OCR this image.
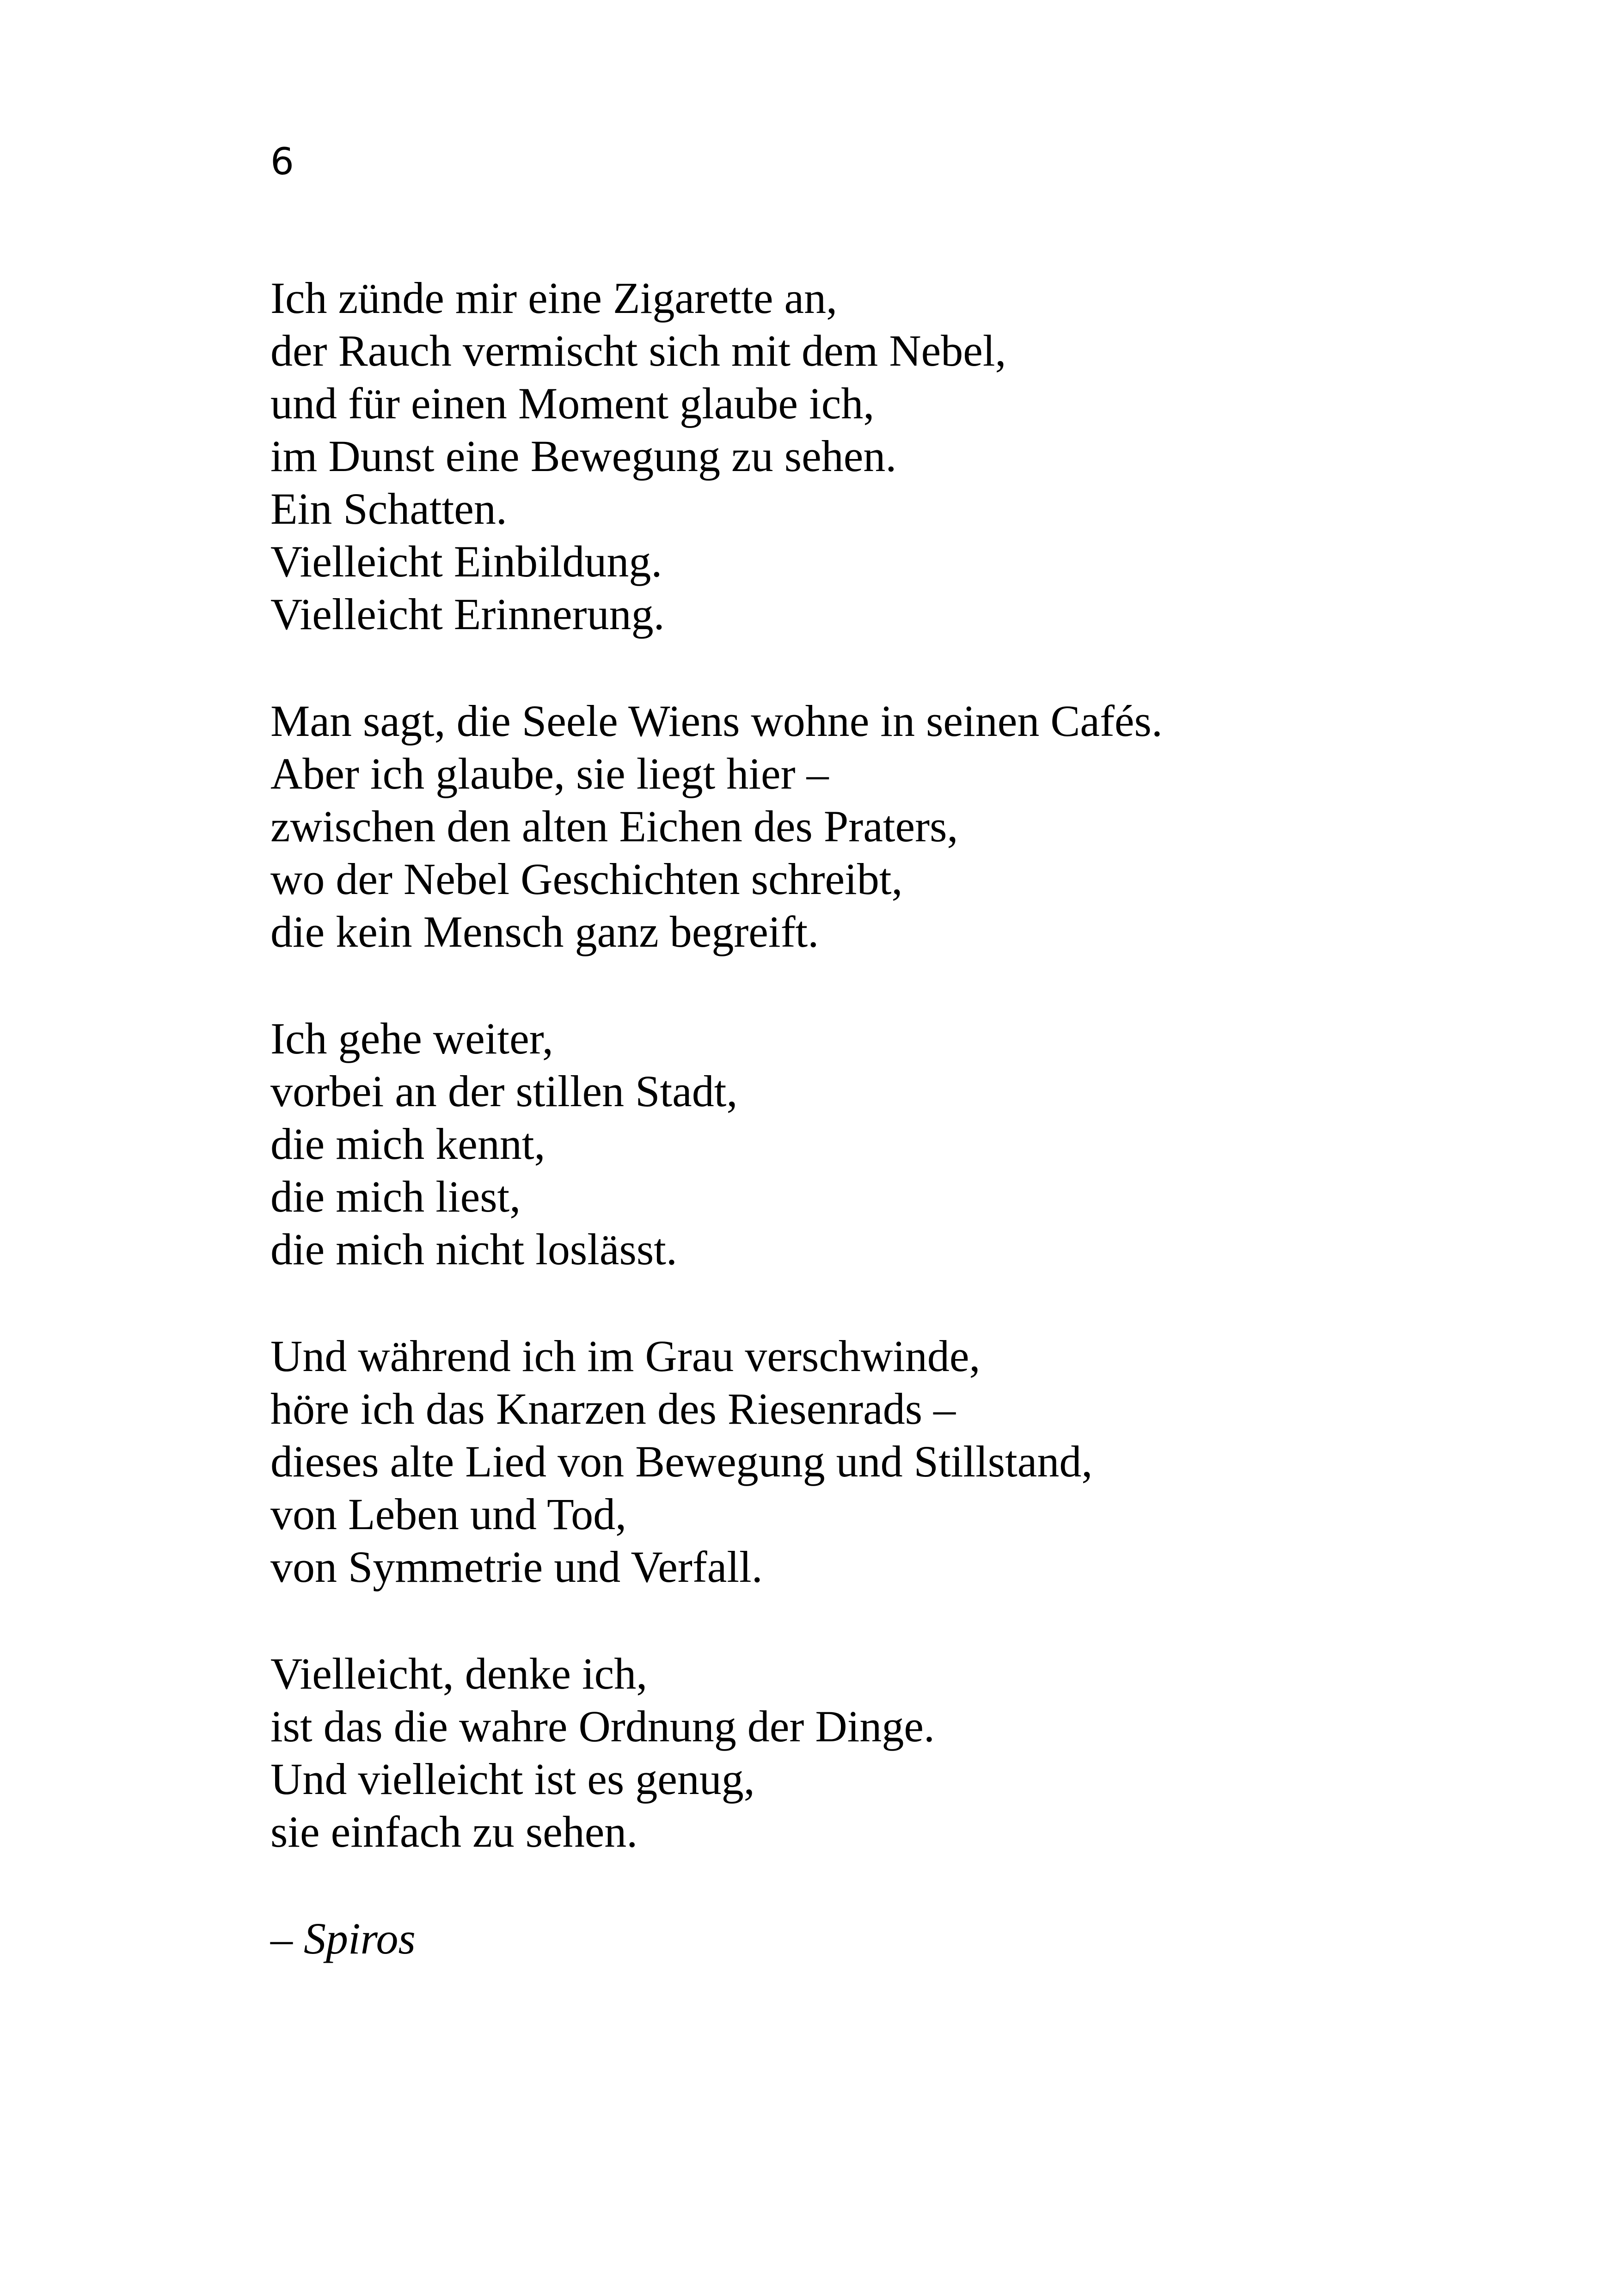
6

Ich zünde mir eine Zigarette an,
der Rauch vermischt sich mit dem Nebel,
und für einen Moment glaube ich,
im Dunst eine Bewegung zu sehen.
Ein Schatten.
Vielleicht Einbildung.
Vielleicht Erinnerung.

Man sagt, die Seele Wiens wohne in seinen Cafés.
Aber ich glaube, sie liegt hier –
zwischen den alten Eichen des Praters,
wo der Nebel Geschichten schreibt,
die kein Mensch ganz begreift.

Ich gehe weiter,
vorbei an der stillen Stadt,
die mich kennt,
die mich liest,
die mich nicht loslässt.

Und während ich im Grau verschwinde,
höre ich das Knarzen des Riesenrads –
dieses alte Lied von Bewegung und Stillstand,
von Leben und Tod,
von Symmetrie und Verfall.

Vielleicht, denke ich,
ist das die wahre Ordnung der Dinge.
Und vielleicht ist es genug,
sie einfach zu sehen.

– Spiros
